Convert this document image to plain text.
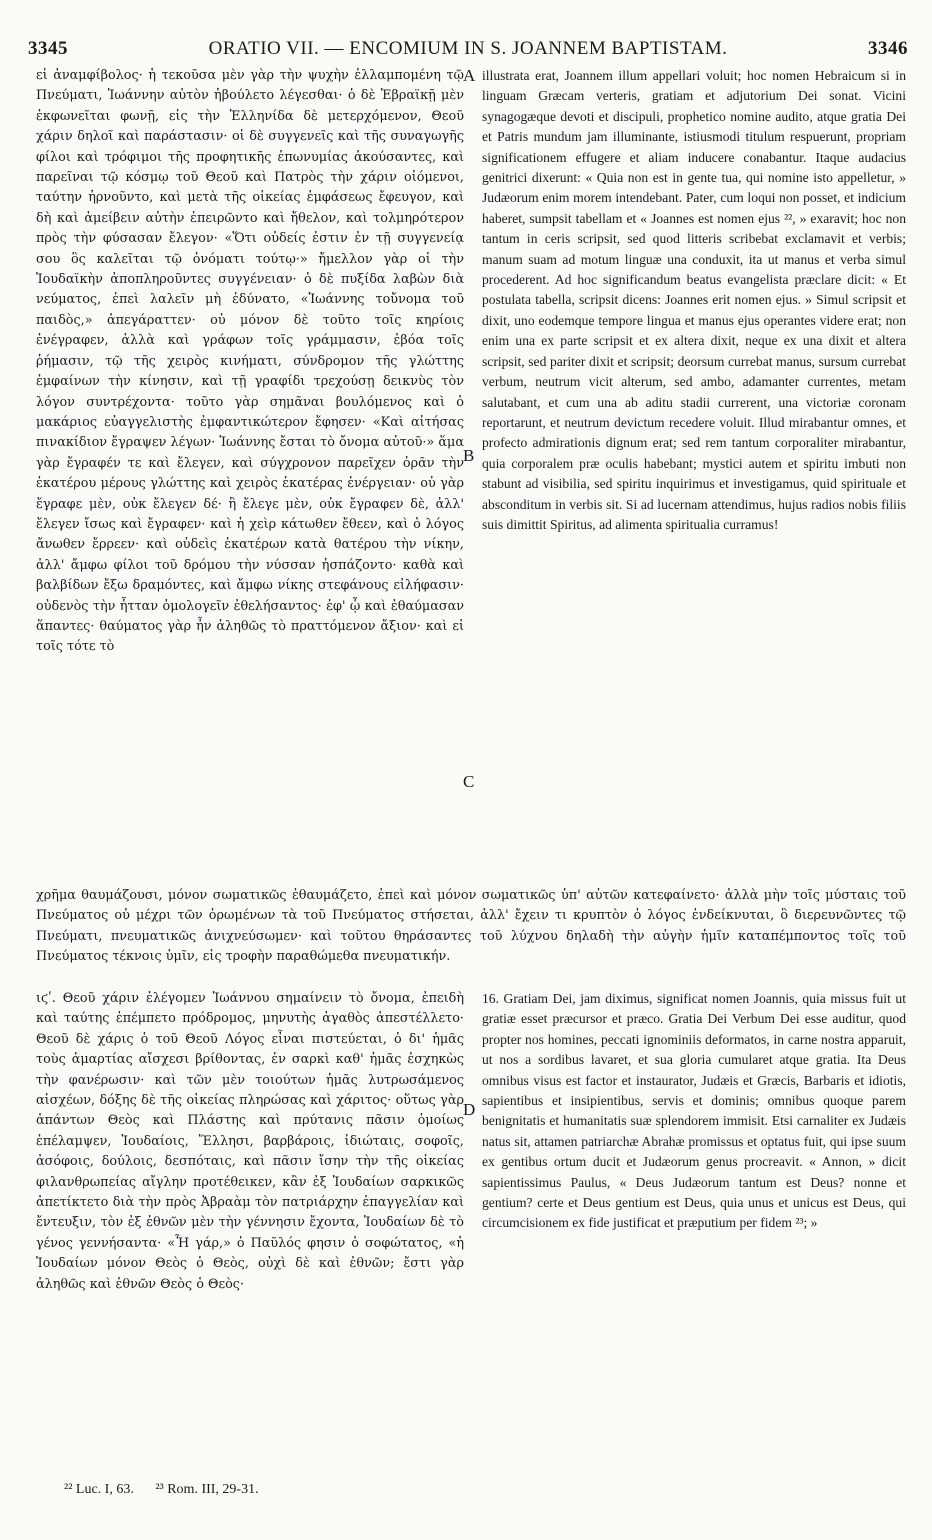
3345	ORATIO VII. — ENCOMIUM IN S. JOANNEM BAPTISTAM.	3346
εἰ ἀναμφίβολος· ἡ τεκοῦσα μὲν γὰρ τὴν ψυχὴν ἐλλαμπομένη τῷ Πνεύματι, Ἰωάννην αὐτὸν ἠβούλετο λέγεσθαι· ὁ δὲ Ἑβραϊκῇ μὲν ἐκφωνεῖται φωνῇ, εἰς τὴν Ἑλληνίδα δὲ μετερχόμενον, Θεοῦ χάριν δηλοῖ καὶ παράστασιν· οἱ δὲ συγγενεῖς καὶ τῆς συναγωγῆς φίλοι καὶ τρόφιμοι τῆς προφητικῆς ἐπωνυμίας ἀκούσαντες, καὶ παρεῖναι τῷ κόσμῳ τοῦ Θεοῦ καὶ Πατρὸς τὴν χάριν οἰόμενοι, ταύτην ἠρνοῦντο, καὶ μετὰ τῆς οἰκείας ἐμφάσεως ἔφευγον, καὶ δὴ καὶ ἀμείβειν αὐτὴν ἐπειρῶντο καὶ ἤθελον, καὶ τολμηρότερον πρὸς τὴν φύσασαν ἔλεγον· «Ὅτι οὐδείς ἐστιν ἐν τῇ συγγενείᾳ σου ὃς καλεῖται τῷ ὀνόματι τούτῳ·» ἤμελλον γὰρ οἱ τὴν Ἰουδαϊκὴν ἀποπληροῦντες συγγένειαν· ὁ δὲ πυξίδα λαβὼν διὰ νεύματος, ἐπεὶ λαλεῖν μὴ ἐδύνατο, «Ἰωάννης τοὔνομα τοῦ παιδὸς,» ἀπεγάραττεν· οὐ μόνον δὲ τοῦτο τοῖς κηρίοις ἐνέγραφεν, ἀλλὰ καὶ γράφων τοῖς γράμμασιν, ἐβόα τοῖς ῥήμασιν, τῷ τῆς χειρὸς κινήματι, σύνδρομον τῆς γλώττης ἐμφαίνων τὴν κίνησιν, καὶ τῇ γραφίδι τρεχούσῃ δεικνὺς τὸν λόγον συντρέχοντα· τοῦτο γὰρ σημᾶναι βουλόμενος καὶ ὁ μακάριος εὐαγγελιστὴς ἐμφαντικώτερον ἔφησεν· «Καὶ αἰτήσας πινακίδιον ἔγραψεν λέγων· Ἰωάννης ἔσται τὸ ὄνομα αὐτοῦ·» ἅμα γὰρ ἔγραφέν τε καὶ ἔλεγεν, καὶ σύγχρονον παρεῖχεν ὁρᾶν τὴν ἑκατέρου μέρους γλώττης καὶ χειρὸς ἑκατέρας ἐνέργειαν· οὐ γὰρ ἔγραφε μὲν, οὐκ ἔλεγεν δέ· ἢ ἔλεγε μὲν, οὐκ ἔγραφεν δὲ, ἀλλ' ἔλεγεν ἴσως καὶ ἔγραφεν· καὶ ἡ χεὶρ κάτωθεν ἔθεεν, καὶ ὁ λόγος ἄνωθεν ἔρρεεν· καὶ οὐδεὶς ἑκατέρων κατὰ θατέρου τὴν νίκην, ἀλλ' ἄμφω φίλοι τοῦ δρόμου τὴν νύσσαν ἠσπάζοντο· καθὰ καὶ βαλβίδων ἔξω δραμόντες, καὶ ἄμφω νίκης στεφάνους εἰλήφασιν· οὐδενὸς τὴν ἧτταν ὁμολογεῖν ἐθελήσαντος· ἐφ' ᾧ καὶ ἐθαύμασαν ἅπαντες· θαύματος γὰρ ἦν ἀληθῶς τὸ πραττόμενον ἄξιον· καὶ εἰ τοῖς τότε τὸ
illustrata erat, Joannem illum appellari voluit; hoc nomen Hebraicum si in linguam Græcam verteris, gratiam et adjutorium Dei sonat. Vicini synagogæque devoti et discipuli, prophetico nomine audito, atque gratia Dei et Patris mundum jam illuminante, istiusmodi titulum respuerunt, propriam significationem effugere et aliam inducere conabantur. Itaque audacius genitrici dixerunt: « Quia non est in gente tua, qui nomine isto appelletur, » Judæorum enim morem intendebant. Pater, cum loqui non posset, et indicium haberet, sumpsit tabellam et « Joannes est nomen ejus ²², » exaravit; hoc non tantum in ceris scripsit, sed quod litteris scribebat exclamavit et verbis; manum suam ad motum linguæ una conduxit, ita ut manus et verba simul procederent. Ad hoc significandum beatus evangelista præclare dicit: « Et postulata tabella, scripsit dicens: Joannes erit nomen ejus. » Simul scripsit et dixit, uno eodemque tempore lingua et manus ejus operantes videre erat; non enim una ex parte scripsit et ex altera dixit, neque ex una dixit et altera scripsit, sed pariter dixit et scripsit; deorsum currebat manus, sursum currebat verbum, neutrum vicit alterum, sed ambo, adamanter currentes, metam salutabant, et cum una ab aditu stadii currerent, una victoriæ coronam reportarunt, et neutrum devictum recedere voluit. Illud mirabantur omnes, et profecto admirationis dignum erat; sed rem tantum corporaliter mirabantur, quia corporalem præ oculis habebant; mystici autem et spiritu imbuti non stabunt ad visibilia, sed spiritu inquirimus et investigamus, quid spirituale et absconditum in verbis sit. Si ad lucernam attendimus, hujus radios nobis filiis suis dimittit Spiritus, ad alimenta spiritualia curramus!
A
B
C
D
χρῆμα θαυμάζουσι, μόνον σωματικῶς ἐθαυμάζετο, ἐπεὶ καὶ μόνον σωματικῶς ὑπ' αὐτῶν κατεφαίνετο· ἀλλὰ μὴν τοῖς μύσταις τοῦ Πνεύματος οὐ μέχρι τῶν ὁρωμένων τὰ τοῦ Πνεύματος στήσεται, ἀλλ' ἔχειν τι κρυπτὸν ὁ λόγος ἐνδείκνυται, ὃ διερευνῶντες τῷ Πνεύματι, πνευματικῶς ἀνιχνεύσωμεν· καὶ τοῦτου θηράσαντες τοῦ λύχνου δηλαδὴ τὴν αὐγὴν ἡμῖν καταπέμποντος τοῖς τοῦ Πνεύματος τέκνοις ὑμῖν, εἰς τροφὴν παραθώμεθα πνευματικήν.
ιϛʹ. Θεοῦ χάριν ἐλέγομεν Ἰωάννου σημαίνειν τὸ ὄνομα, ἐπειδὴ καὶ ταύτης ἐπέμπετο πρόδρομος, μηνυτὴς ἀγαθὸς ἀπεστέλλετο· Θεοῦ δὲ χάρις ὁ τοῦ Θεοῦ Λόγος εἶναι πιστεύεται, ὁ δι' ἡμᾶς τοὺς ἁμαρτίας αἴσχεσι βρίθοντας, ἐν σαρκὶ καθ' ἡμᾶς ἐσχηκὼς τὴν φανέρωσιν· καὶ τῶν μὲν τοιούτων ἡμᾶς λυτρωσάμενος αἰσχέων, δόξης δὲ τῆς οἰκείας πληρώσας καὶ χάριτος· οὕτως γὰρ ἁπάντων Θεὸς καὶ Πλάστης καὶ πρύτανις πᾶσιν ὁμοίως ἐπέλαμψεν, Ἰουδαίοις, Ἕλλησι, βαρβάροις, ἰδιώταις, σοφοῖς, ἀσόφοις, δούλοις, δεσπόταις, καὶ πᾶσιν ἴσην τὴν τῆς οἰκείας φιλανθρωπείας αἴγλην προτέθεικεν, κἂν ἐξ Ἰουδαίων σαρκικῶς ἀπετίκτετο διὰ τὴν πρὸς Ἀβραὰμ τὸν πατριάρχην ἐπαγγελίαν καὶ ἔντευξιν, τὸν ἐξ ἐθνῶν μὲν τὴν γέννησιν ἔχοντα, Ἰουδαίων δὲ τὸ γένος γεννήσαντα· «Ἦ γάρ,» ὁ Παῦλός φησιν ὁ σοφώτατος, «ἡ Ἰουδαίων μόνον Θεὸς ὁ Θεὸς, οὐχὶ δὲ καὶ ἐθνῶν; ἔστι γὰρ ἀληθῶς καὶ ἐθνῶν Θεὸς ὁ Θεὸς·
16. Gratiam Dei, jam diximus, significat nomen Joannis, quia missus fuit ut gratiæ esset præcursor et præco. Gratia Dei Verbum Dei esse auditur, quod propter nos homines, peccati ignominiis deformatos, in carne nostra apparuit, ut nos a sordibus lavaret, et sua gloria cumularet atque gratia. Ita Deus omnibus visus est factor et instaurator, Judæis et Græcis, Barbaris et idiotis, sapientibus et insipientibus, servis et dominis; omnibus quoque parem benignitatis et humanitatis suæ splendorem immisit. Etsi carnaliter ex Judæis natus sit, attamen patriarchæ Abrahæ promissus et optatus fuit, qui ipse suum ex gentibus ortum ducit et Judæorum genus procreavit. « Annon, » dicit sapientissimus Paulus, « Deus Judæorum tantum est Deus? nonne et gentium? certe et Deus gentium est Deus, quia unus et unicus est Deus, qui circumcisionem ex fide justificat et præputium per fidem ²³; »
²² Luc. I, 63. ²³ Rom. III, 29-31.
